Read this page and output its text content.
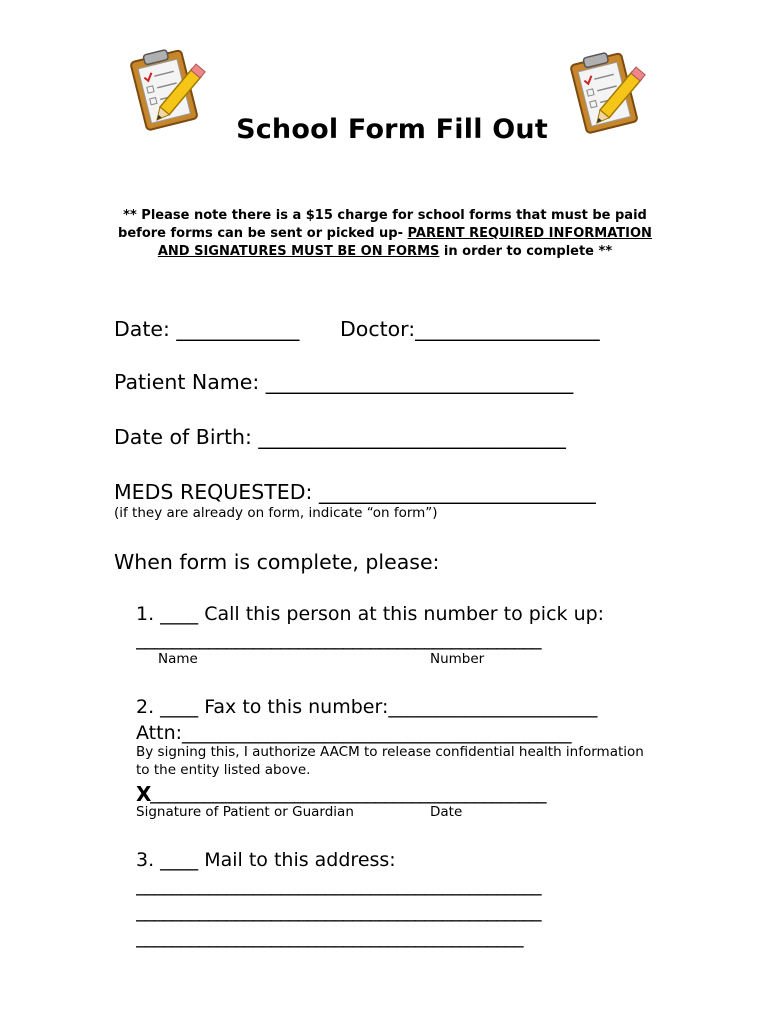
School Form Fill Out
** Please note there is a $15 charge for school forms that must be paid before forms can be sent or picked up- PARENT REQUIRED INFORMATION AND SIGNATURES MUST BE ON FORMS in order to complete **
Date: ____________ Doctor:__________________
Patient Name: ______________________________
Date of Birth: ______________________________
MEDS REQUESTED: ___________________________
(if they are already on form, indicate “on form”)
When form is complete, please:
1. ____ Call this person at this number to pick up:
_____________________________________________
Name	Number
2. ____ Fax to this number:______________________
Attn:_________________________________________
By signing this, I authorize AACM to release confidential health information
to the entity listed above.
X
____________________________________________
Signature of Patient or Guardian	Date
3. ____ Mail to this address:
_____________________________________________
_____________________________________________
___________________________________________
